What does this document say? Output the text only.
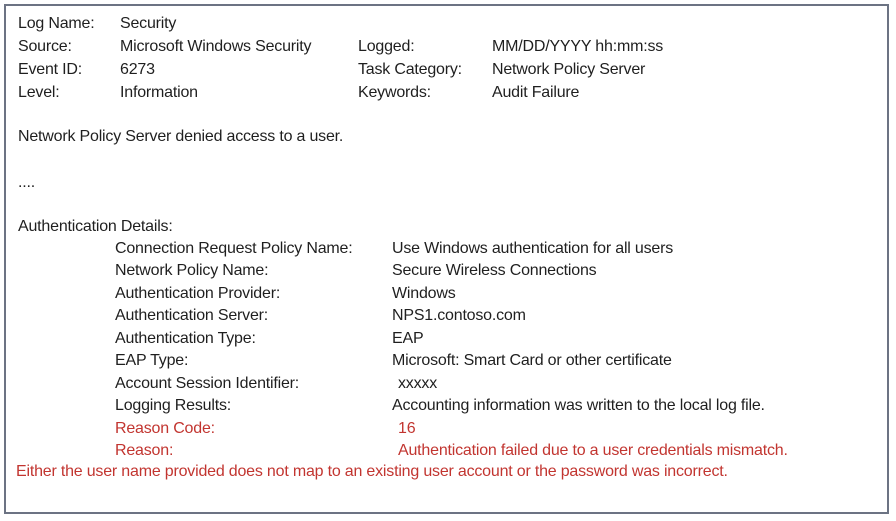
Log Name: Security
Source:	Microsoft Windows Security	Logged:	MM/DD/YYYY hh:mm:ss
Event ID: 6273	Task Category: Network Policy Server
Level:	Information	Keywords:	Audit Failure
Network Policy Server denied access to a user.
....
Authentication Details:
Connection Request Policy Name: Use Windows authentication for all users
Network Policy Name:	Secure Wireless Connections
Authentication Provider:	Windows
Authentication Server:	NPS1.contoso.com
Authentication Type:	EAP
EAP Type:	Microsoft: Smart Card or other certificate
Account Session Identifier:	xxxxx
Logging Results:	Accounting information was written to the local log file.
Reason Code:	16
Reason:	Authentication failed due to a user credentials mismatch.
Either the user name provided does not map to an existing user account or the password was incorrect.
